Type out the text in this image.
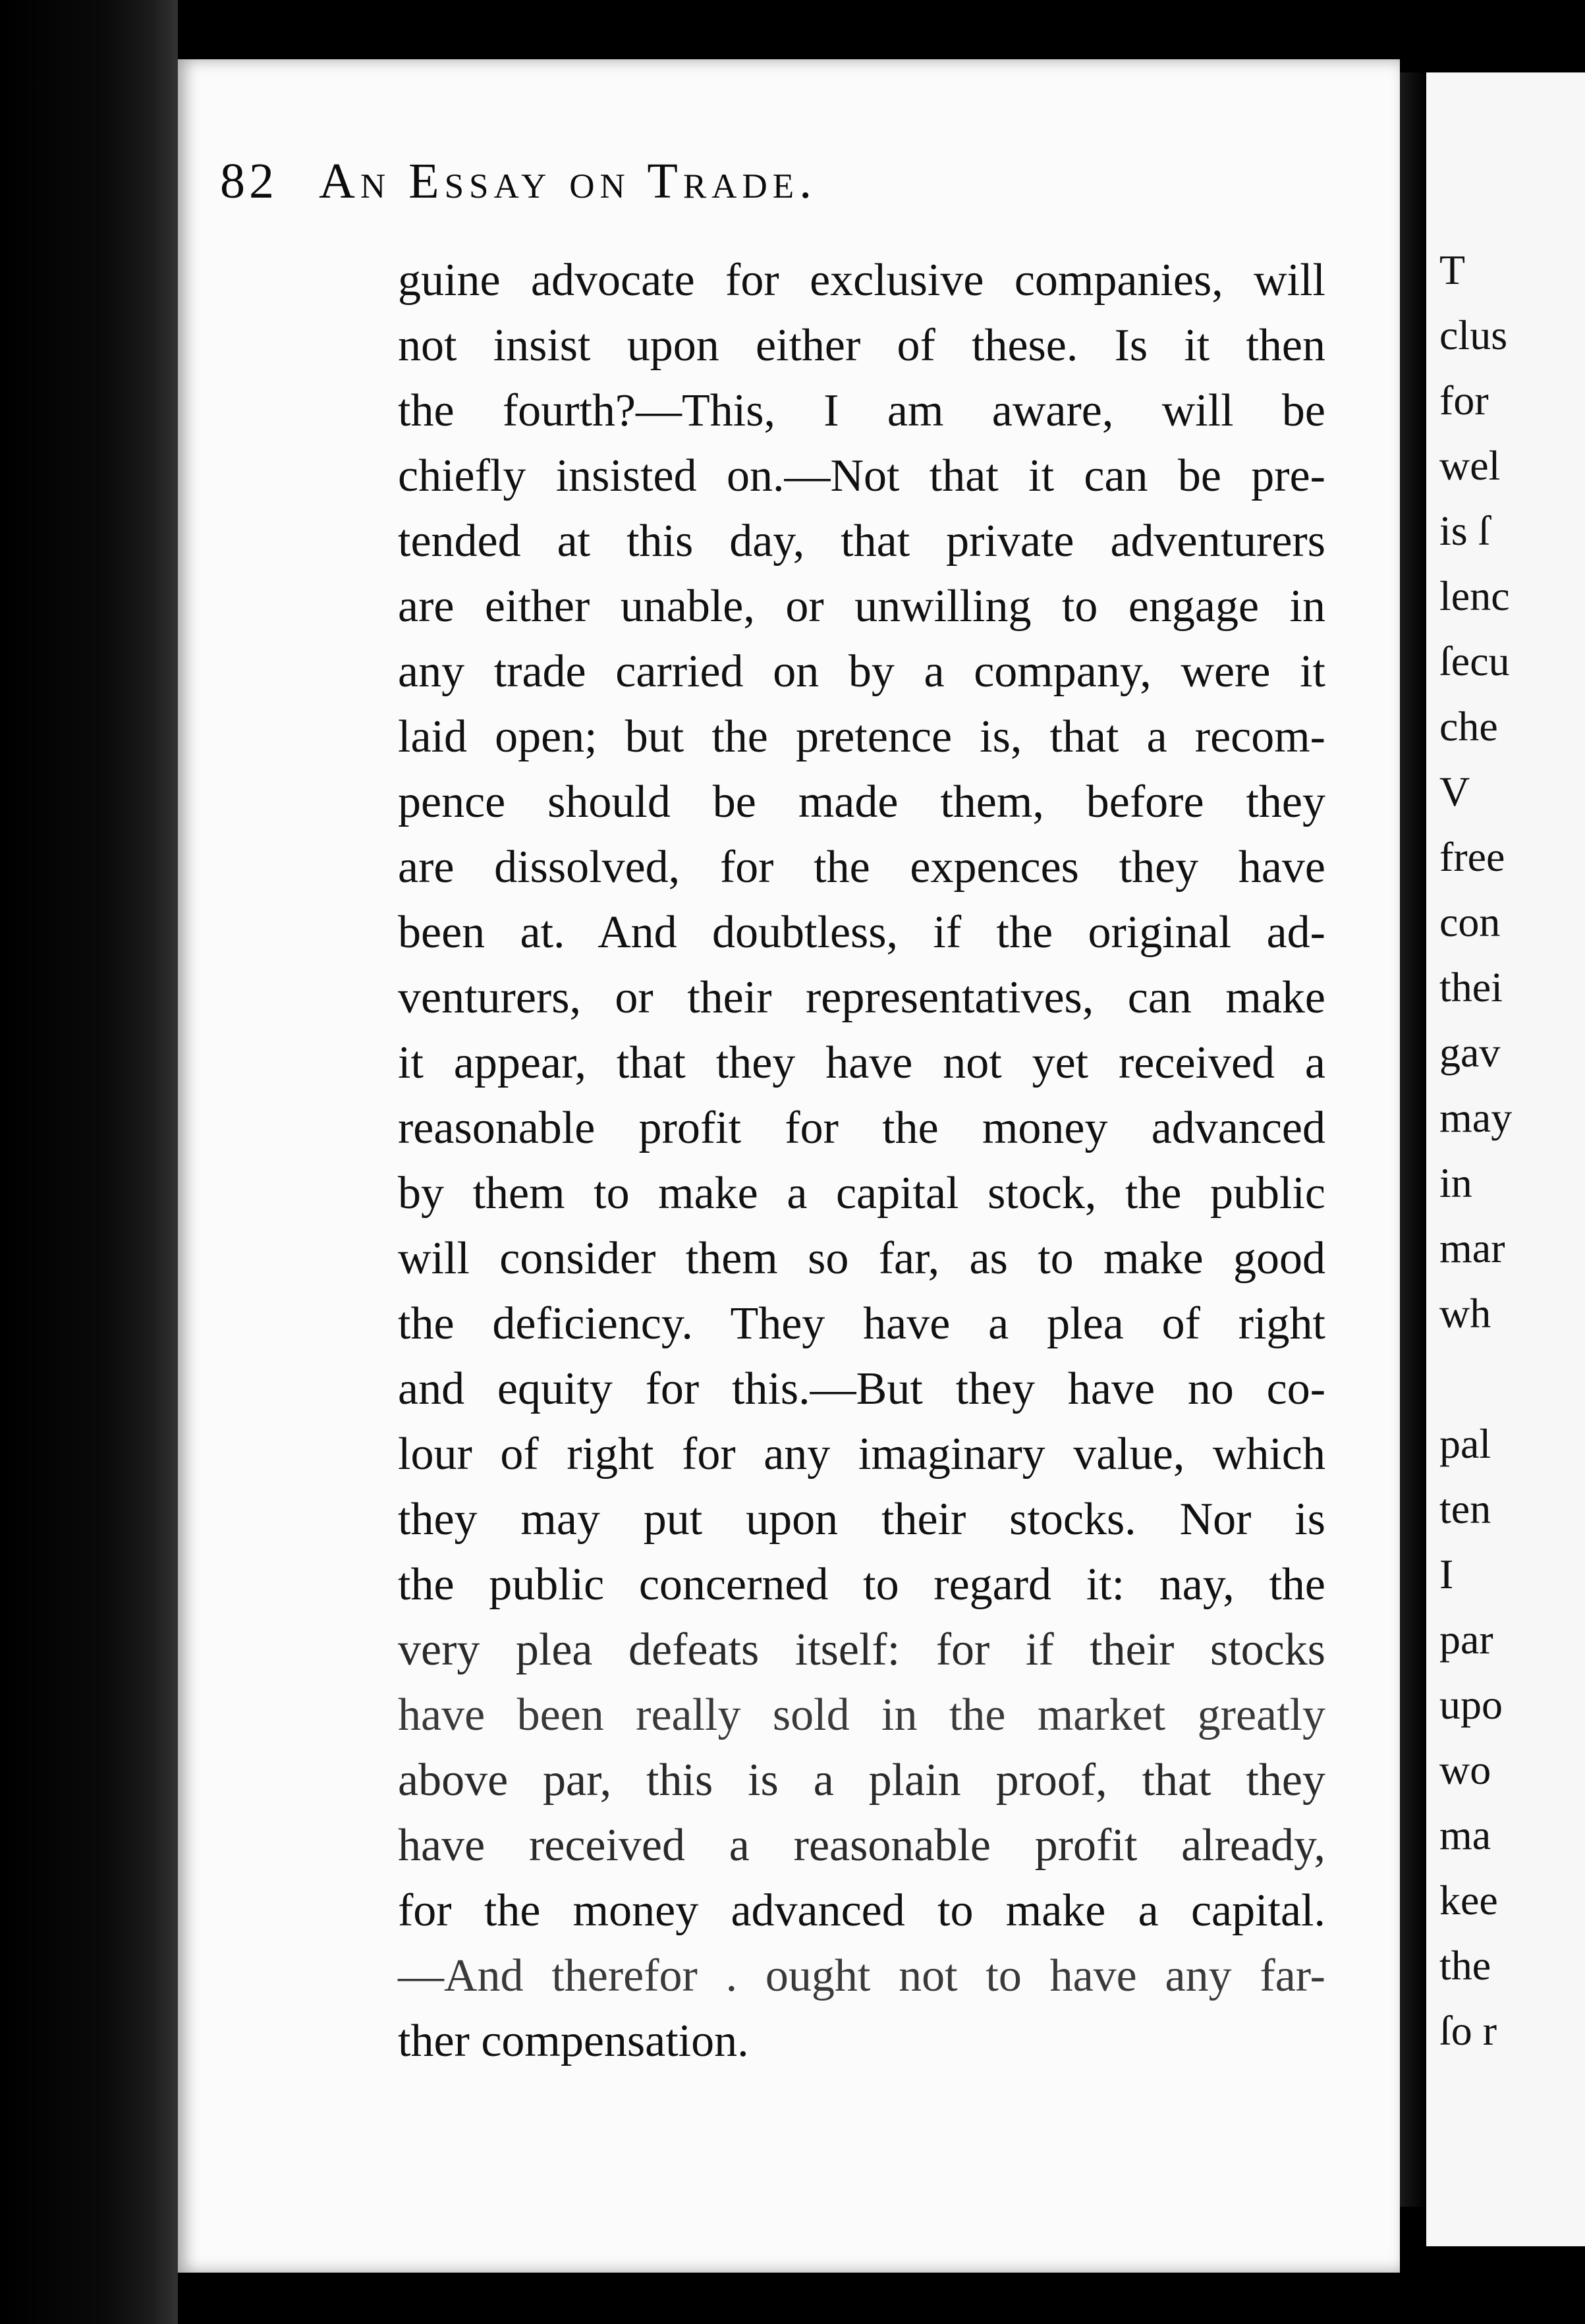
82 An Essay on Trade.
guine advocate for exclusive companies, will
not insist upon either of these. Is it then
the fourth?—This, I am aware, will be
chiefly insisted on.—Not that it can be pre-
tended at this day, that private adventurers
are either unable, or unwilling to engage in
any trade carried on by a company, were it
laid open; but the pretence is, that a recom-
pence should be made them, before they
are dissolved, for the expences they have
been at. And doubtless, if the original ad-
venturers, or their representatives, can make
it appear, that they have not yet received a
reasonable profit for the money advanced
by them to make a capital stock, the public
will consider them so far, as to make good
the deficiency. They have a plea of right
and equity for this.—But they have no co-
lour of right for any imaginary value, which
they may put upon their stocks. Nor is
the public concerned to regard it: nay, the
very plea defeats itself: for if their stocks
have been really sold in the market greatly
above par, this is a plain proof, that they
have received a reasonable profit already,
for the money advanced to make a capital.
—And therefor . ought not to have any far-
ther compensation.
T
clus
for
wel
is ſ
lenc
ſecu
che
V
free
con
thei
gav
may
in
mar
wh

pal
ten
I
par
upo
wo
ma
kee
the
ſo r
